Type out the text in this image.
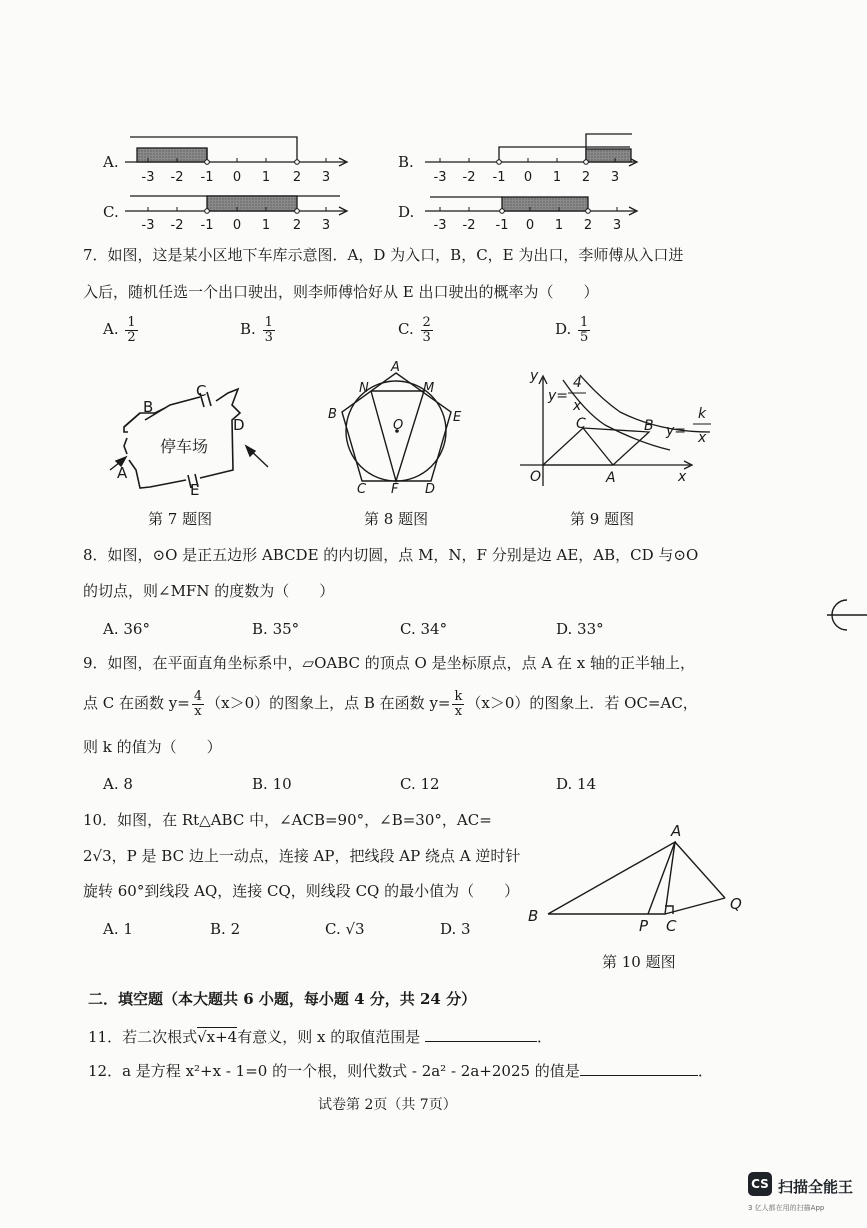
A.	B.
C.	D.
-3 -2 -1 0 1 2 3	-3 -2 -1 0 1 2 3
-3 -2 -1 0 1 2 3	-3 -2 -1 0 1 2 3
7．如图，这是某小区地下车库示意图．A，D 为入口，B，C，E 为出口，李师傅从入口进
入后，随机任选一个出口驶出，则李师傅恰好从 E 出口驶出的概率为（　　）
A. $\frac{1}{2}$	B. $\frac{1}{3}$	C. $\frac{2}{3}$	D. $\frac{1}{5}$
停车场
B
C
D
A
E
第 7 题图
A
N	M
B	E
O
C F D
第 8 题图
y
x
O	A
B
C
y=
4
x
y=
k
x
第 9 题图
8．如图，⊙O 是正五边形 ABCDE 的内切圆，点 M，N，F 分别是边 AE，AB，CD 与⊙O
的切点，则∠MFN 的度数为（　　）
A. 36°	B. 35°	C. 34°	D. 33°
9．如图，在平面直角坐标系中，▱OABC 的顶点 O 是坐标原点，点 A 在 x 轴的正半轴上，
点 C 在函数 $y= \frac{4}{x} (x>0)$的图象上，点 B 在函数 $y= \frac{k}{x} (x>0)$的图象上．若 OC=AC，
则 k 的值为（　　）
A. 8	B. 10	C. 12	D. 14
10．如图，在 Rt△ABC 中，∠ACB=90°，∠B=30°，AC=
2√3，P 是 BC 边上一动点，连接 AP，把线段 AP 绕点 A 逆时针
旋转 60°到线段 AQ，连接 CQ，则线段 CQ 的最小值为（　　）
A. 1	B. 2	C. √3	D. 3
A
B
P C
Q
第 10 题图
二．填空题（本大题共 6 小题，每小题 4 分，共 24 分）
11．若二次根式√x+4有意义，则 x 的取值范围是	．
12．a 是方程 x²+x - 1=0 的一个根，则代数式 - 2a² - 2a+2025 的值是	．
试卷第 2页（共 7页）
CS 扫描全能王
3 亿人都在用的扫描App
